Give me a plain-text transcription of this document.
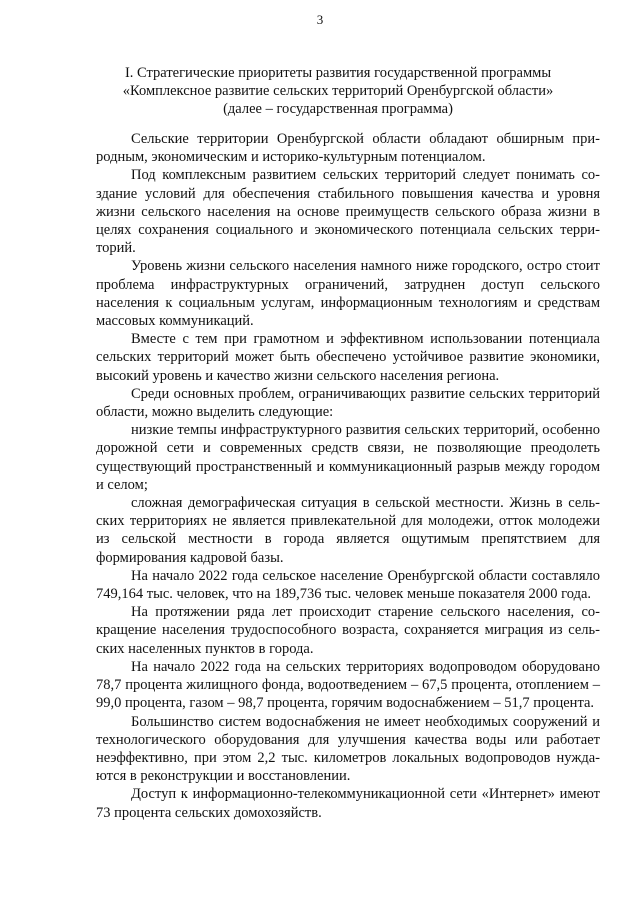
3
I. Стратегические приоритеты развития государственной программы
«Комплексное развитие сельских территорий Оренбургской области»
(далее – государственная программа)

Сельские территории Оренбургской области обладают обширным природным, экономическим и историко-культурным потенциалом.

Под комплексным развитием сельских территорий следует понимать создание условий для обеспечения стабильного повышения качества и уровня жизни сельского населения на основе преимуществ сельского образа жизни в целях сохранения социального и экономического потенциала сельских территорий.

Уровень жизни сельского населения намного ниже городского, остро стоит проблема инфраструктурных ограничений, затруднен доступ сельского населения к социальным услугам, информационным технологиям и средствам массовых коммуникаций.

Вместе с тем при грамотном и эффективном использовании потенциала сельских территорий может быть обеспечено устойчивое развитие экономики, высокий уровень и качество жизни сельского населения региона.

Среди основных проблем, ограничивающих развитие сельских территорий области, можно выделить следующие:

низкие темпы инфраструктурного развития сельских территорий, особенно дорожной сети и современных средств связи, не позволяющие преодолеть существующий пространственный и коммуникационный разрыв между городом и селом;

сложная демографическая ситуация в сельской местности. Жизнь в сельских территориях не является привлекательной для молодежи, отток молодежи из сельской местности в города является ощутимым препятствием для формирования кадровой базы.

На начало 2022 года сельское население Оренбургской области составляло 749,164 тыс. человек, что на 189,736 тыс. человек меньше показателя 2000 года.

На протяжении ряда лет происходит старение сельского населения, сокращение населения трудоспособного возраста, сохраняется миграция из сельских населенных пунктов в города.

На начало 2022 года на сельских территориях водопроводом оборудовано 78,7 процента жилищного фонда, водоотведением – 67,5 процента, отоплением – 99,0 процента, газом – 98,7 процента, горячим водоснабжением – 51,7 процента.

Большинство систем водоснабжения не имеет необходимых сооружений и технологического оборудования для улучшения качества воды или работает неэффективно, при этом 2,2 тыс. километров локальных водопроводов нуждаются в реконструкции и восстановлении.

Доступ к информационно-телекоммуникационной сети «Интернет» имеют 73 процента сельских домохозяйств.
